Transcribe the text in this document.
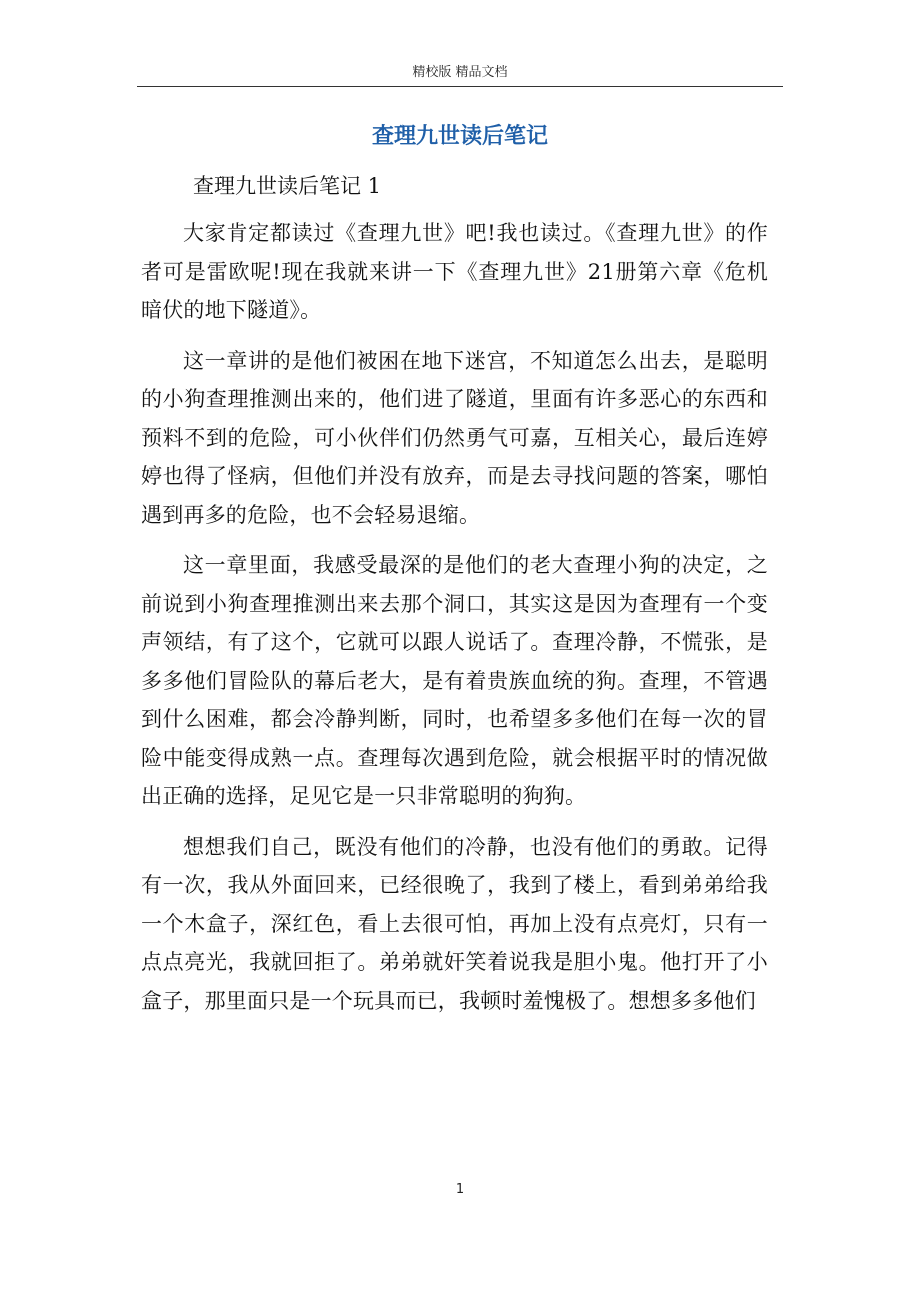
精校版 精品文档
查理九世读后笔记
查理九世读后笔记 1

大家肯定都读过《查理九世》吧!我也读过。《查理九世》的作者可是雷欧呢!现在我就来讲一下《查理九世》21册第六章《危机暗伏的地下隧道》。

这一章讲的是他们被困在地下迷宫，不知道怎么出去，是聪明的小狗查理推测出来的，他们进了隧道，里面有许多恶心的东西和预料不到的危险，可小伙伴们仍然勇气可嘉，互相关心，最后连婷婷也得了怪病，但他们并没有放弃，而是去寻找问题的答案，哪怕遇到再多的危险，也不会轻易退缩。

这一章里面，我感受最深的是他们的老大查理小狗的决定，之前说到小狗查理推测出来去那个洞口，其实这是因为查理有一个变声领结，有了这个，它就可以跟人说话了。查理冷静，不慌张，是多多他们冒险队的幕后老大，是有着贵族血统的狗。查理，不管遇到什么困难，都会冷静判断，同时，也希望多多他们在每一次的冒险中能变得成熟一点。查理每次遇到危险，就会根据平时的情况做出正确的选择，足见它是一只非常聪明的狗狗。

想想我们自己，既没有他们的冷静，也没有他们的勇敢。记得有一次，我从外面回来，已经很晚了，我到了楼上，看到弟弟给我一个木盒子，深红色，看上去很可怕，再加上没有点亮灯，只有一点点亮光，我就回拒了。弟弟就奸笑着说我是胆小鬼。他打开了小盒子，那里面只是一个玩具而已，我顿时羞愧极了。想想多多他们

1
